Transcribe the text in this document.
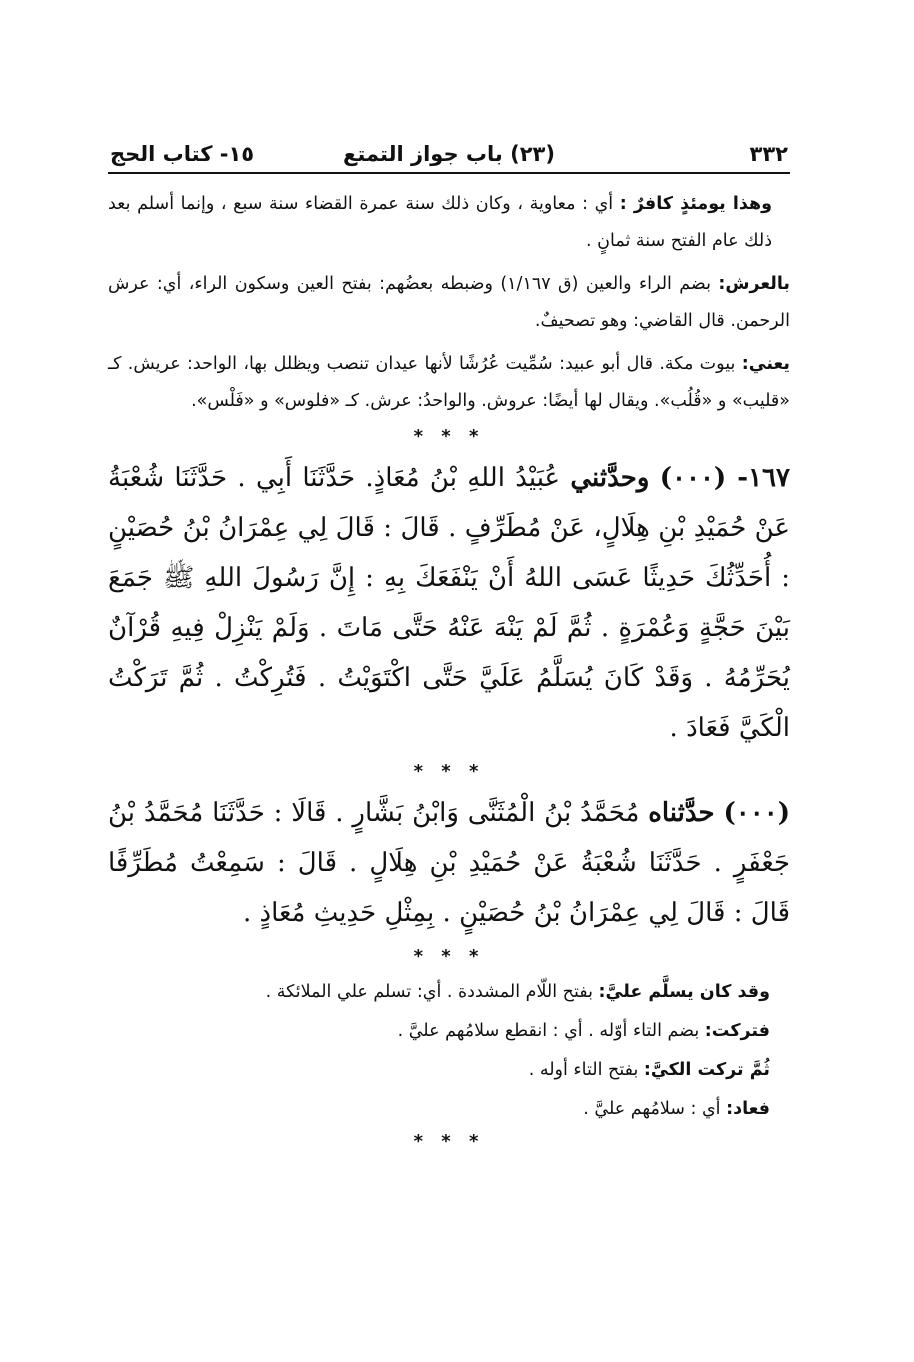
٣٣٢
(٢٣) باب جواز التمتع
١٥- كتاب الحج

وهذا يومئذٍ كافرٌ : أي : معاوية ، وكان ذلك سنة عمرة القضاء سنة سبع ، وإنما أسلم بعد ذلك عام الفتح سنة ثمانٍ .

بالعرش: بضم الراء والعين (ق ١/١٦٧) وضبطه بعضُهم: بفتح العين وسكون الراء، أي: عرش الرحمن. قال القاضي: وهو تصحيفٌ.

يعني: بيوت مكة. قال أبو عبيد: سُمِّيت عُرُشًا لأنها عيدان تنصب ويظلل بها، الواحد: عريش. كـ «قليب» و «قُلُب». ويقال لها أيضًا: عروش. والواحدُ: عرش. كـ «فلوس» و «فَلْس».

* * *

١٦٧- (٠٠٠) وحدَّثني عُبَيْدُ اللهِ بْنُ مُعَاذٍ. حَدَّثَنَا أَبِي . حَدَّثَنَا شُعْبَةُ عَنْ حُمَيْدِ بْنِ هِلَالٍ، عَنْ مُطَرِّفٍ . قَالَ : قَالَ لِي عِمْرَانُ بْنُ حُصَيْنٍ : أُحَدِّثُكَ حَدِيثًا عَسَى اللهُ أَنْ يَنْفَعَكَ بِهِ : إِنَّ رَسُولَ اللهِ ﷺ جَمَعَ بَيْنَ حَجَّةٍ وَعُمْرَةٍ . ثُمَّ لَمْ يَنْهَ عَنْهُ حَتَّى مَاتَ . وَلَمْ يَنْزِلْ فِيهِ قُرْآنٌ يُحَرِّمُهُ . وَقَدْ كَانَ يُسَلَّمُ عَلَيَّ حَتَّى اكْتَوَيْتُ . فَتُرِكْتُ . ثُمَّ تَرَكْتُ الْكَيَّ فَعَادَ .

* * *

(٠٠٠) حدَّثناه مُحَمَّدُ بْنُ الْمُثَنَّى وَابْنُ بَشَّارٍ . قَالَا : حَدَّثَنَا مُحَمَّدُ بْنُ جَعْفَرٍ . حَدَّثَنَا شُعْبَةُ عَنْ حُمَيْدِ بْنِ هِلَالٍ . قَالَ : سَمِعْتُ مُطَرِّفًا قَالَ : قَالَ لِي عِمْرَانُ بْنُ حُصَيْنٍ . بِمِثْلِ حَدِيثِ مُعَاذٍ .

* * *

وقد كان يسلَّم عليَّ: بفتح اللّام المشددة . أي: تسلم علي الملائكة .

فتركت: بضم التاء أوّله . أي : انقطع سلامُهم عليَّ .

ثُمَّ تركت الكيَّ: بفتح التاء أوله .

فعاد: أي : سلامُهم عليَّ .

* * *
